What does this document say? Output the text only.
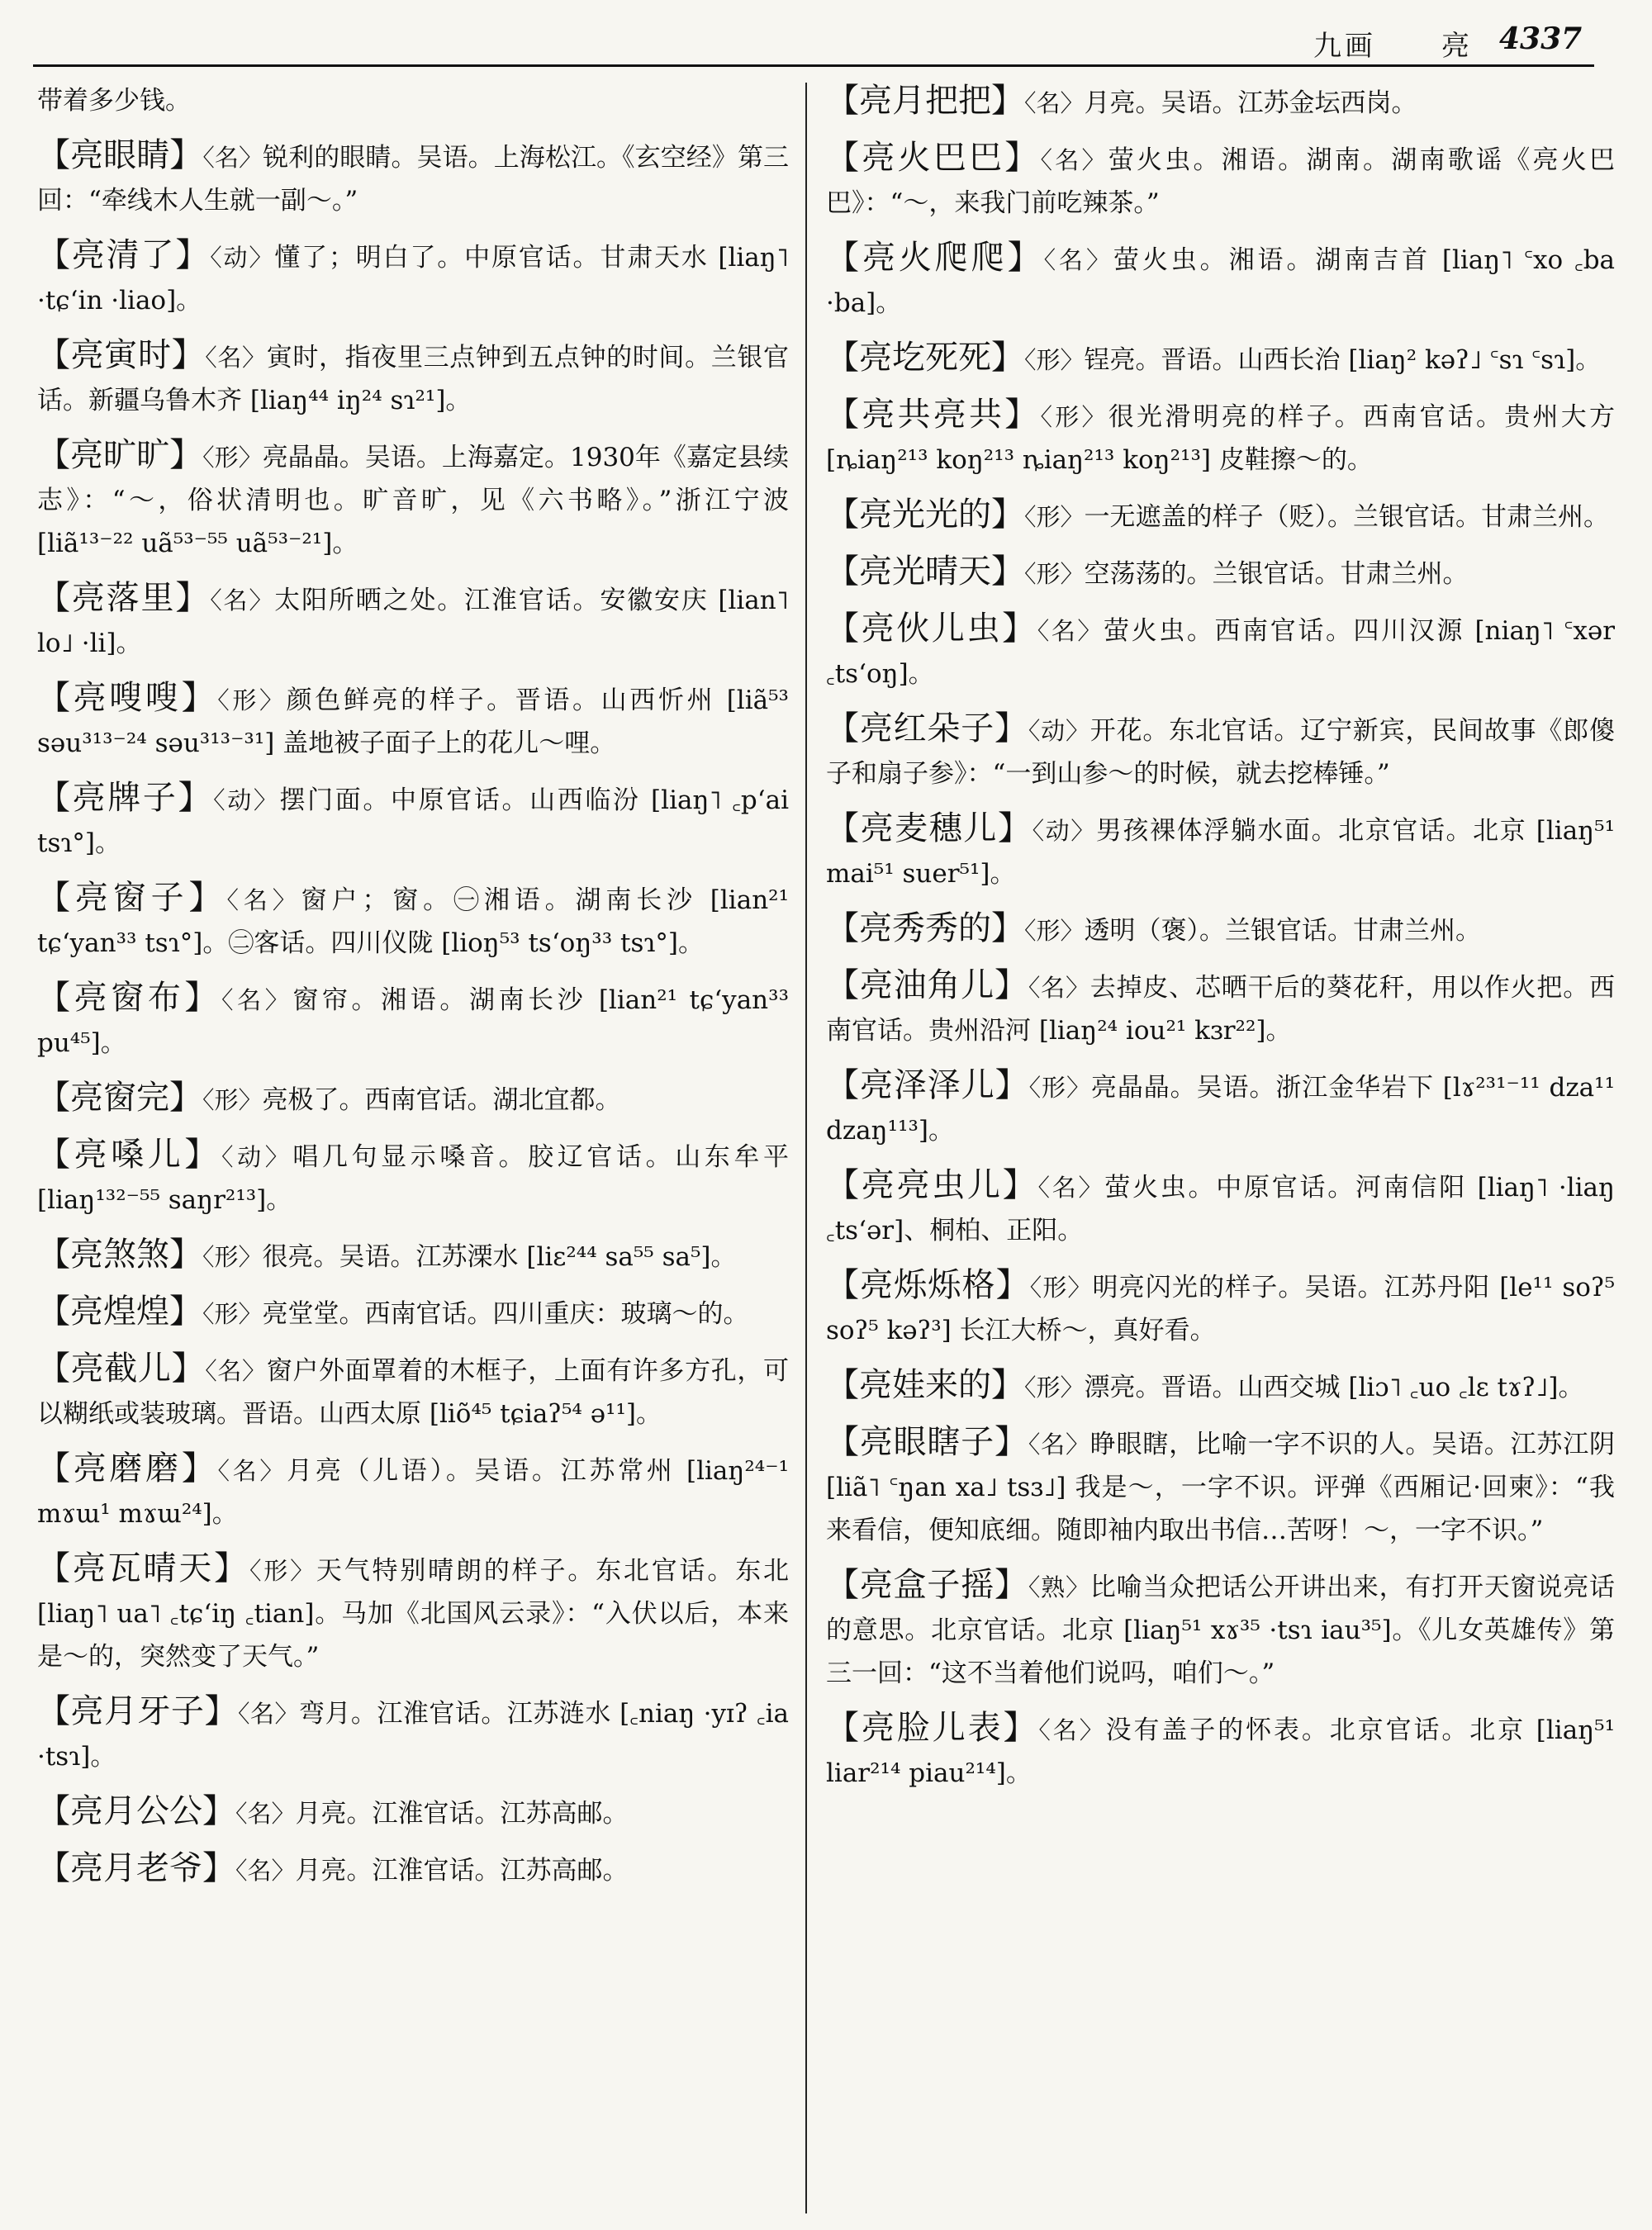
九画 亮 4337
带着多少钱。
【亮眼睛】〈名〉锐利的眼睛。吴语。上海松江。《玄空经》第三回：“牵线木人生就一副～。”
【亮清了】〈动〉懂了；明白了。中原官话。甘肃天水 [liaŋ˥ ·tɕ‘in ·liao]。
【亮寅时】〈名〉寅时，指夜里三点钟到五点钟的时间。兰银官话。新疆乌鲁木齐 [liaŋ⁴⁴ iŋ²⁴ sɿ²¹]。
【亮旷旷】〈形〉亮晶晶。吴语。上海嘉定。1930年《嘉定县续志》：“～，俗状清明也。旷音旷，见《六书略》。”浙江宁波 [liã¹³⁻²² uã⁵³⁻⁵⁵ uã⁵³⁻²¹]。
【亮落里】〈名〉太阳所晒之处。江淮官话。安徽安庆 [lian˥ lo˩ ·li]。
【亮嗖嗖】〈形〉颜色鲜亮的样子。晋语。山西忻州 [liã⁵³ səu³¹³⁻²⁴ səu³¹³⁻³¹] 盖地被子面子上的花儿～哩。
【亮牌子】〈动〉摆门面。中原官话。山西临汾 [liaŋ˥ ꜀p‘ai tsɿ°]。
【亮窗子】〈名〉窗户；窗。㊀湘语。湖南长沙 [lian²¹ tɕ‘yan³³ tsɿ°]。㊁客话。四川仪陇 [lioŋ⁵³ ts‘oŋ³³ tsɿ°]。
【亮窗布】〈名〉窗帘。湘语。湖南长沙 [lian²¹ tɕ‘yan³³ pu⁴⁵]。
【亮窗完】〈形〉亮极了。西南官话。湖北宜都。
【亮嗓儿】〈动〉唱几句显示嗓音。胶辽官话。山东牟平 [liaŋ¹³²⁻⁵⁵ saŋr²¹³]。
【亮煞煞】〈形〉很亮。吴语。江苏溧水 [liɛ²⁴⁴ sa⁵⁵ sa⁵]。
【亮煌煌】〈形〉亮堂堂。西南官话。四川重庆：玻璃～的。
【亮截儿】〈名〉窗户外面罩着的木框子，上面有许多方孔，可以糊纸或装玻璃。晋语。山西太原 [liõ⁴⁵ tɕiaʔ⁵⁴ ə¹¹]。
【亮磨磨】〈名〉月亮（儿语）。吴语。江苏常州 [liaŋ²⁴⁻¹ mɤɯ¹ mɤɯ²⁴]。
【亮瓦晴天】〈形〉天气特别晴朗的样子。东北官话。东北 [liaŋ˥ ua˥ ꜀tɕ‘iŋ ꜀tian]。马加《北国风云录》：“入伏以后，本来是～的，突然变了天气。”
【亮月牙子】〈名〉弯月。江淮官话。江苏涟水 [꜀niaŋ ·yɪʔ ꜀ia ·tsɿ]。
【亮月公公】〈名〉月亮。江淮官话。江苏高邮。
【亮月老爷】〈名〉月亮。江淮官话。江苏高邮。
【亮月把把】〈名〉月亮。吴语。江苏金坛西岗。
【亮火巴巴】〈名〉萤火虫。湘语。湖南。湖南歌谣《亮火巴巴》：“～，来我门前吃辣茶。”
【亮火爬爬】〈名〉萤火虫。湘语。湖南吉首 [liaŋ˥ ꜂xo ꜀ba ·ba]。
【亮圪死死】〈形〉锃亮。晋语。山西长治 [liaŋ² kəʔ˩ ꜂sɿ ꜂sɿ]。
【亮共亮共】〈形〉很光滑明亮的样子。西南官话。贵州大方 [ȵiaŋ²¹³ koŋ²¹³ ȵiaŋ²¹³ koŋ²¹³] 皮鞋擦～的。
【亮光光的】〈形〉一无遮盖的样子（贬）。兰银官话。甘肃兰州。
【亮光晴天】〈形〉空荡荡的。兰银官话。甘肃兰州。
【亮伙儿虫】〈名〉萤火虫。西南官话。四川汉源 [niaŋ˥ ꜂xər ꜀ts‘oŋ]。
【亮红朵子】〈动〉开花。东北官话。辽宁新宾，民间故事《郎傻子和扇子参》：“一到山参～的时候，就去挖棒锤。”
【亮麦穗儿】〈动〉男孩裸体浮躺水面。北京官话。北京 [liaŋ⁵¹ mai⁵¹ suer⁵¹]。
【亮秀秀的】〈形〉透明（褒）。兰银官话。甘肃兰州。
【亮油角儿】〈名〉去掉皮、芯晒干后的葵花秆，用以作火把。西南官话。贵州沿河 [liaŋ²⁴ iou²¹ kɜr²²]。
【亮泽泽儿】〈形〉亮晶晶。吴语。浙江金华岩下 [lɤ²³¹⁻¹¹ dza¹¹ dzaŋ¹¹³]。
【亮亮虫儿】〈名〉萤火虫。中原官话。河南信阳 [liaŋ˥ ·liaŋ ꜀ts‘ər]、桐柏、正阳。
【亮烁烁格】〈形〉明亮闪光的样子。吴语。江苏丹阳 [le¹¹ soʔ⁵ soʔ⁵ kəʔ³] 长江大桥～，真好看。
【亮娃来的】〈形〉漂亮。晋语。山西交城 [liɔ˥ ꜀uo ꜀lɛ tɤʔ˩]。
【亮眼瞎子】〈名〉睁眼瞎，比喻一字不识的人。吴语。江苏江阴 [liã˥ ꜂ŋan xa˩ tsɜ˩] 我是～，一字不识。评弹《西厢记·回柬》：“我来看信，便知底细。随即袖内取出书信…苦呀！～，一字不识。”
【亮盒子摇】〈熟〉比喻当众把话公开讲出来，有打开天窗说亮话的意思。北京官话。北京 [liaŋ⁵¹ xɤ³⁵ ·tsɿ iau³⁵]。《儿女英雄传》第三一回：“这不当着他们说吗，咱们～。”
【亮脸儿表】〈名〉没有盖子的怀表。北京官话。北京 [liaŋ⁵¹ liar²¹⁴ piau²¹⁴]。
